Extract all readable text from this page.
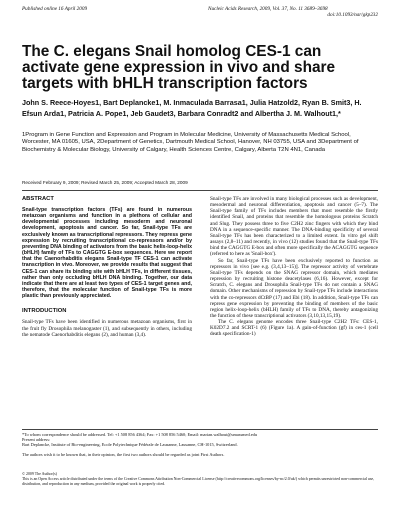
Published online 16 April 2009	Nucleic Acids Research, 2009, Vol. 37, No. 11 3689–3698
doi:10.1093/nar/gkp232
The C. elegans Snail homolog CES-1 can activate gene expression in vivo and share targets with bHLH transcription factors
John S. Reece-Hoyes1, Bart Deplancke1, M. Inmaculada Barrasa1, Julia Hatzold2, Ryan B. Smit3, H. Efsun Arda1, Patricia A. Pope1, Jeb Gaudet3, Barbara Conradt2 and Albertha J. M. Walhout1,*
1Program in Gene Function and Expression and Program in Molecular Medicine, University of Massachusetts Medical School, Worcester, MA 01605, USA, 2Department of Genetics, Dartmouth Medical School, Hanover, NH 03755, USA and 3Department of Biochemistry & Molecular Biology, University of Calgary, Health Sciences Centre, Calgary, Alberta T2N 4N1, Canada
Received February 9, 2009; Revised March 25, 2009; Accepted March 28, 2009
ABSTRACT

Snail-type transcription factors (TFs) are found in numerous metazoan organisms and function in a plethora of cellular and developmental processes including mesoderm and neuronal development, apoptosis and cancer. So far, Snail-type TFs are exclusively known as transcriptional repressors. They repress gene expression by recruiting transcriptional co-repressors and/or by preventing DNA binding of activators from the basic helix-loop-helix (bHLH) family of TFs to CAGGTG E-box sequences. Here we report that the Caenorhabditis elegans Snail-type TF CES-1 can activate transcription in vivo. Moreover, we provide results that suggest that CES-1 can share its binding site with bHLH TFs, in different tissues, rather than only occluding bHLH DNA binding. Together, our data indicate that there are at least two types of CES-1 target genes and, therefore, that the molecular function of Snail-type TFs is more plastic than previously appreciated.

INTRODUCTION

Snail-type TFs have been identified in numerous metazoan organisms, first in the fruit fly Drosophila melanogaster (1), and subsequently in others, including the nematode Caenorhabditis elegans (2), and human (3,4).

Snail-type TFs are involved in many biological processes such as development, mesodermal and neuronal differentiation, apoptosis and cancer (5–7). The Snail-type family of TFs includes members that most resemble the firstly identified Snail, and proteins that resemble the homologous proteins Scratch and Slug. They possess three to five C2H2 zinc fingers with which they bind DNA in a sequence-specific manner. The DNA-binding specificity of several Snail-type TFs has been characterized to a limited extent. In vitro gel shift assays (2,8–11) and recently, in vivo (12) studies found that the Snail-type TFs bind the CAGGTG E-box and often more specifically the ACAGGTG sequence (referred to here as 'Snail-box').

So far, Snail-type TFs have been exclusively reported to function as repressors in vivo [see e.g. (3,4,13–15)]. The repressor activity of vertebrate Snail-type TFs depends on the SNAG repressor domain, which mediates repression by recruiting histone deacetylases (6,16). However, except for Scratch, C. elegans and Drosophila Snail-type TFs do not contain a SNAG domain. Other mechanisms of repression by Snail-type TFs include interactions with the co-repressors dCtBP (17) and Ebi (18). In addition, Snail-type TFs can repress gene expression by preventing the binding of members of the basic region helix-loop-helix (bHLH) family of TFs to DNA, thereby antagonizing the function of these transcriptional activators (3,10,13,15,19).

The C. elegans genome encodes three Snail-type C2H2 TFs: CES-1, K02D7.2 and SCRT-1 (6) (Figure 1a). A gain-of-function (gf) in ces-1 (cell death specification-1)

*To whom correspondence should be addressed. Tel: +1 508 856 4364; Fax: +1 508 856 5460; Email: marian.walhout@umassmed.edu

Present address:

Bart Deplancke, Institute of Bio-engineering, Ecole Polytechnique Fédérale de Lausanne, Lausanne, CH-1015, Switzerland.

The authors wish it to be known that, in their opinion, the first two authors should be regarded as joint First Authors.

© 2009 The Author(s)

This is an Open Access article distributed under the terms of the Creative Commons Attribution Non-Commercial License (http://creativecommons.org/licenses/by-nc/2.0/uk/) which permits unrestricted non-commercial use, distribution, and reproduction in any medium, provided the original work is properly cited.
